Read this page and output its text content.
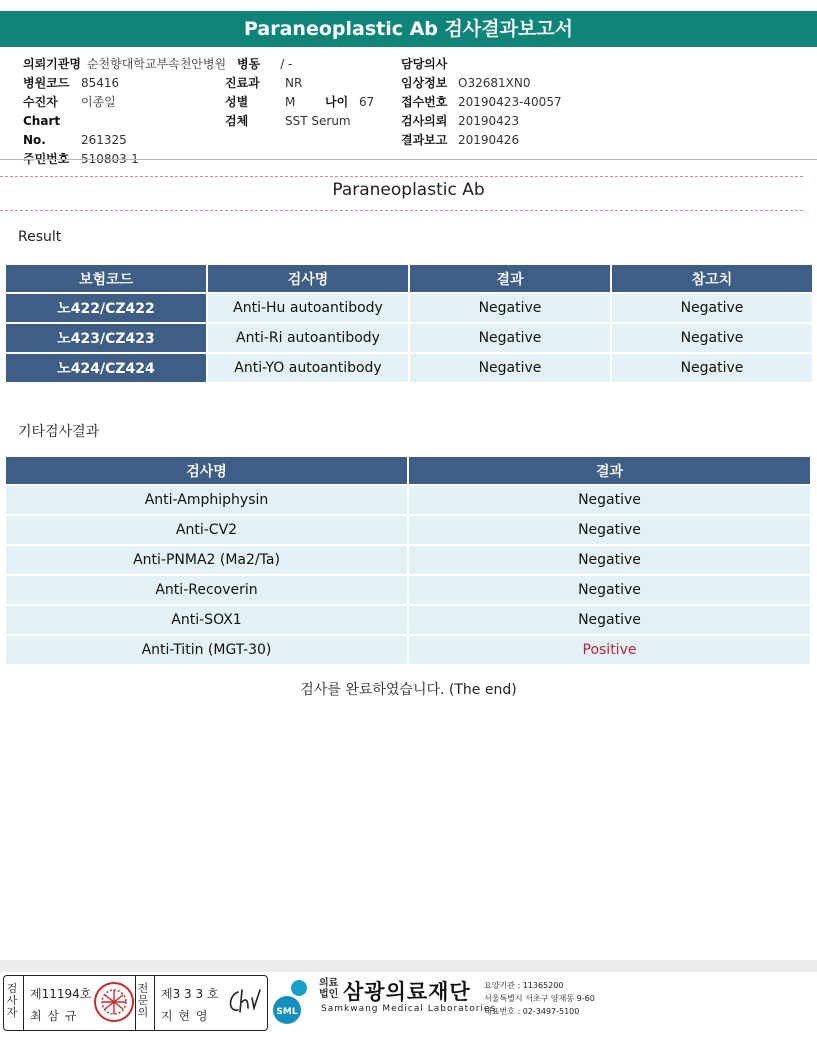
Paraneoplastic Ab 검사결과보고서
의뢰기관명 순천향대학교부속천안병원
병원코드 85416
수진자 이종일
Chart No.	261325
주민번호 510803-1
병동 / -
진료과 NR
성별	M 나이 67
검체	SST Serum
담당의사
임상정보 O32681XN0
접수번호 20190423-40057
검사의뢰 20190423
결과보고 20190426
Paraneoplastic Ab
Result
보험코드	검사명	결과	참고치
노422/CZ422	Anti-Hu autoantibody	Negative	Negative
노423/CZ423	Anti-Ri autoantibody	Negative	Negative
노424/CZ424	Anti-YO autoantibody	Negative	Negative
기타검사결과
검사명	결과
Anti-Amphiphysin	Negative
Anti-CV2	Negative
Anti-PNMA2 (Ma2/Ta)	Negative
Anti-Recoverin	Negative
Anti-SOX1	Negative
Anti-Titin (MGT-30)	Positive
검사를 완료하였습니다. (The end)
검사자
제11194호
최 삼 규
전문의
제3 3 3 호
지 현 영	SML
의료법인 삼광의료재단
Samkwang Medical Laboratories
요양기관 : 11365200
서울특별시 서초구 양재동 9-60
대표번호 : 02-3497-5100
